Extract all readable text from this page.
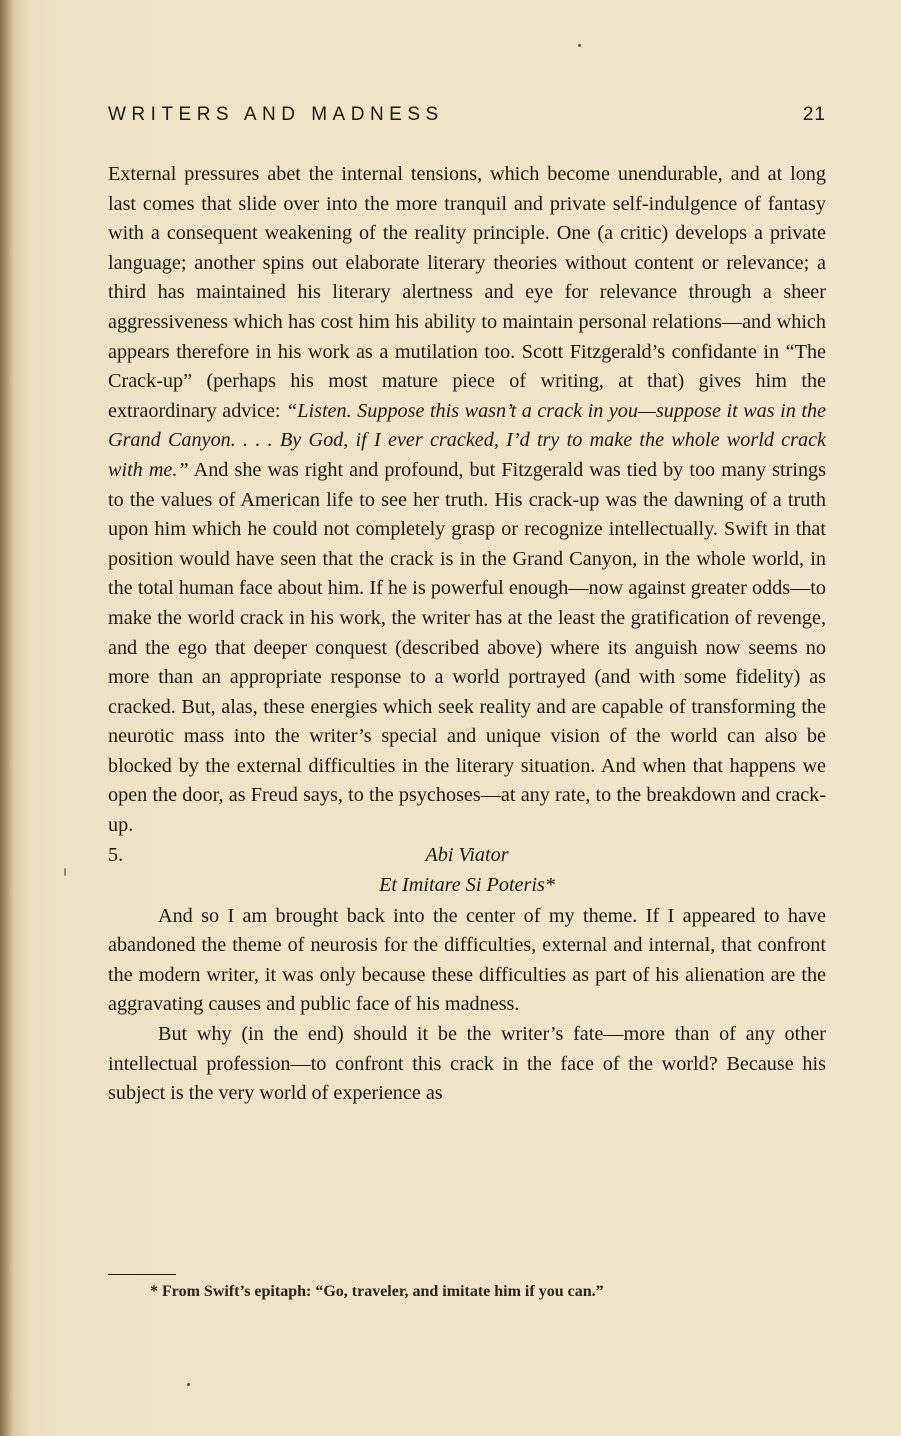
WRITERS AND MADNESS	21

External pressures abet the internal tensions, which become unendurable, and at long last comes that slide over into the more tranquil and private self-indulgence of fantasy with a consequent weakening of the reality principle. One (a critic) develops a private language; another spins out elaborate literary theories without content or relevance; a third has maintained his literary alertness and eye for relevance through a sheer aggressiveness which has cost him his ability to maintain personal relations—and which appears therefore in his work as a mutilation too. Scott Fitzgerald’s confidante in “The Crack-up” (perhaps his most mature piece of writing, at that) gives him the extraordinary advice: “Listen. Suppose this wasn’t a crack in you—suppose it was in the Grand Canyon. . . . By God, if I ever cracked, I’d try to make the whole world crack with me.” And she was right and profound, but Fitzgerald was tied by too many strings to the values of American life to see her truth. His crack-up was the dawning of a truth upon him which he could not completely grasp or recognize intellectually. Swift in that position would have seen that the crack is in the Grand Canyon, in the whole world, in the total human face about him. If he is powerful enough—now against greater odds—to make the world crack in his work, the writer has at the least the gratification of revenge, and the ego that deeper conquest (described above) where its anguish now seems no more than an appropriate response to a world portrayed (and with some fidelity) as cracked. But, alas, these energies which seek reality and are capable of transforming the neurotic mass into the writer’s special and unique vision of the world can also be blocked by the external difficulties in the literary situation. And when that happens we open the door, as Freud says, to the psychoses—at any rate, to the breakdown and crack-up.

5.	Abi Viator
Et Imitare Si Poteris*

And so I am brought back into the center of my theme. If I appeared to have abandoned the theme of neurosis for the difficulties, external and internal, that confront the modern writer, it was only because these difficulties as part of his alienation are the aggravating causes and public face of his madness.

But why (in the end) should it be the writer’s fate—more than of any other intellectual profession—to confront this crack in the face of the world? Because his subject is the very world of experience as

* From Swift’s epitaph: “Go, traveler, and imitate him if you can.”
